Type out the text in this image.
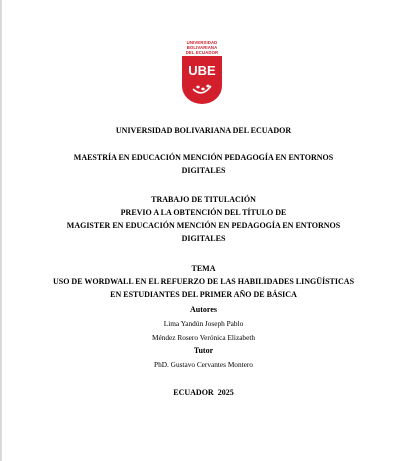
UNIVERSIDAD
BOLIVARIANA
DEL ECUADOR
UBE
UNIVERSIDAD BOLIVARIANA DEL ECUADOR
MAESTRÍA EN EDUCACIÓN MENCIÓN PEDAGOGÍA EN ENTORNOS
DIGITALES
TRABAJO DE TITULACIÓN
PREVIO A LA OBTENCIÓN DEL TÍTULO DE
MAGISTER EN EDUCACIÓN MENCIÓN EN PEDAGOGÍA EN ENTORNOS
DIGITALES
TEMA
USO DE WORDWALL EN EL REFUERZO DE LAS HABILIDADES LINGÜÍSTICAS
EN ESTUDIANTES DEL PRIMER AÑO DE BÁSICA
Autores
Lima Yandún Joseph Pablo
Méndez Rosero Verónica Elizabeth
Tutor
PhD. Gustavo Cervantes Montero
ECUADOR  2025
